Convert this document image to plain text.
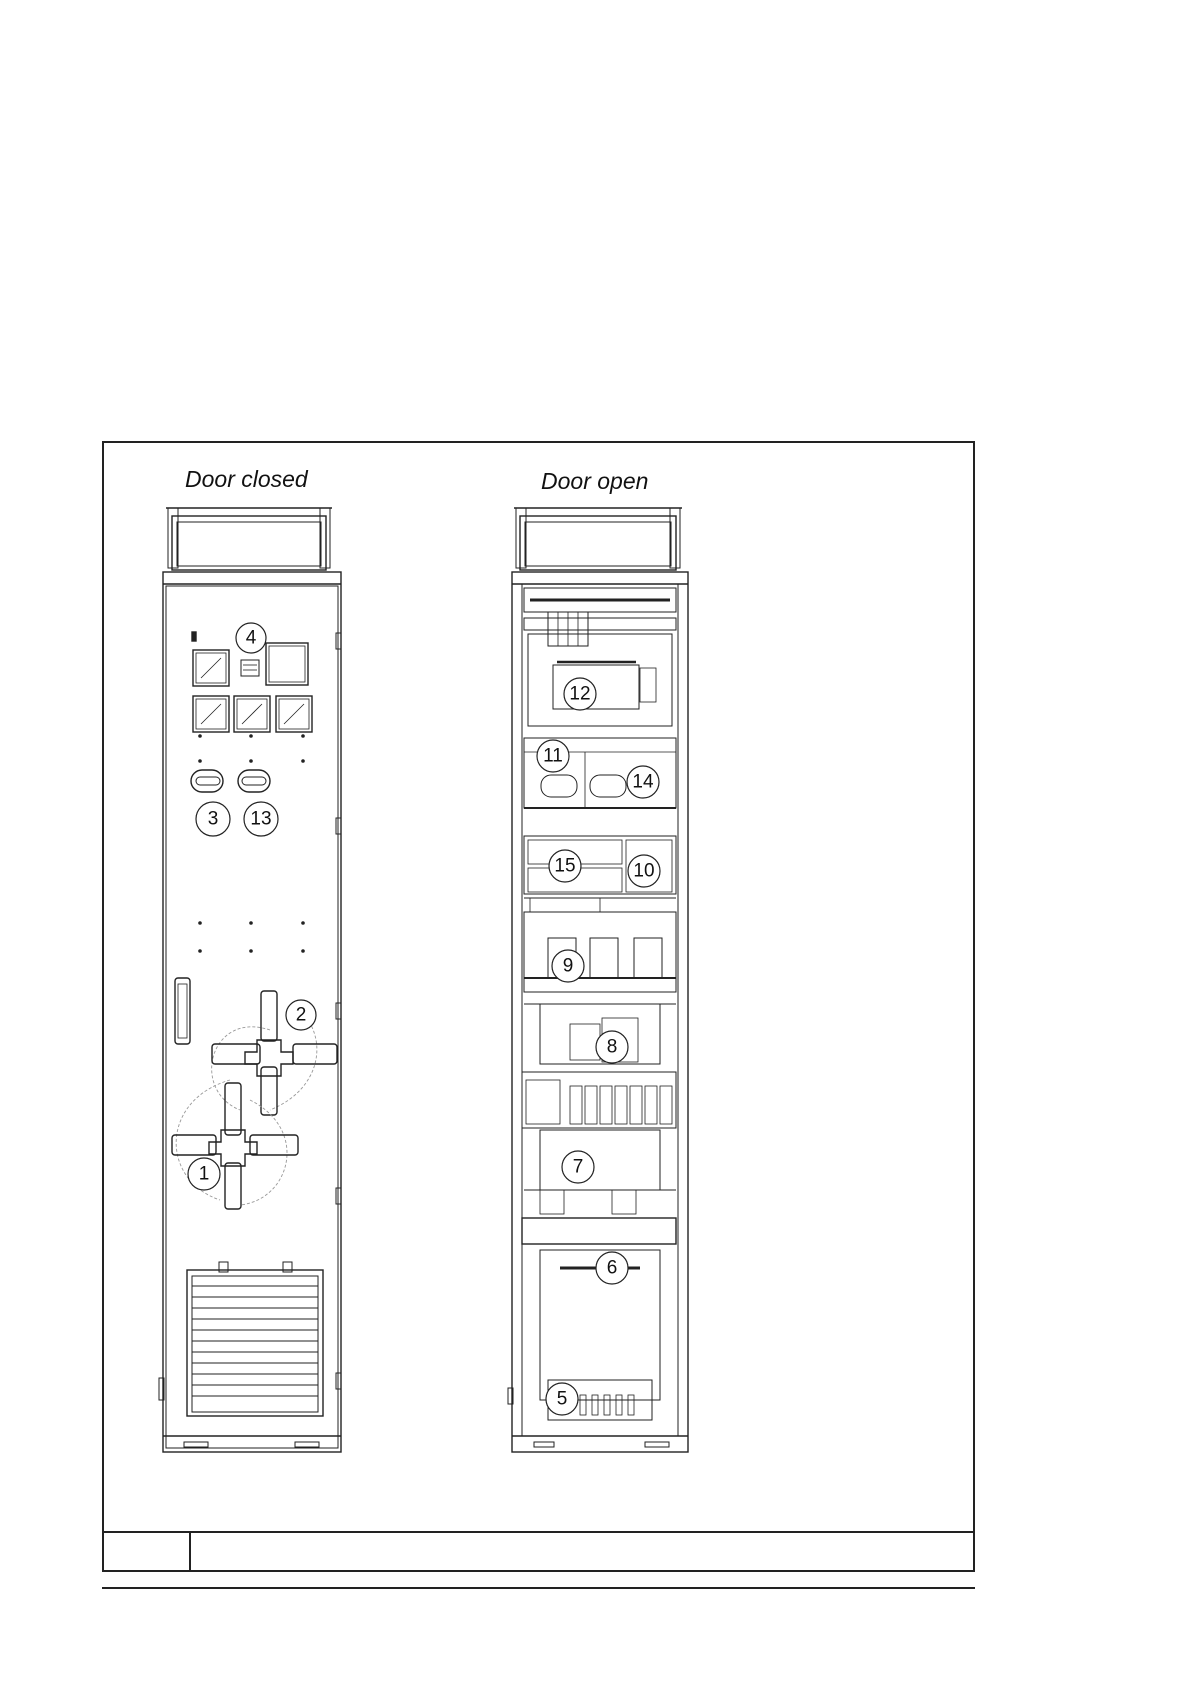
Door closed	Door open
4
3 13
2
1
12
11
14
15	10
9
8
7
6
5
